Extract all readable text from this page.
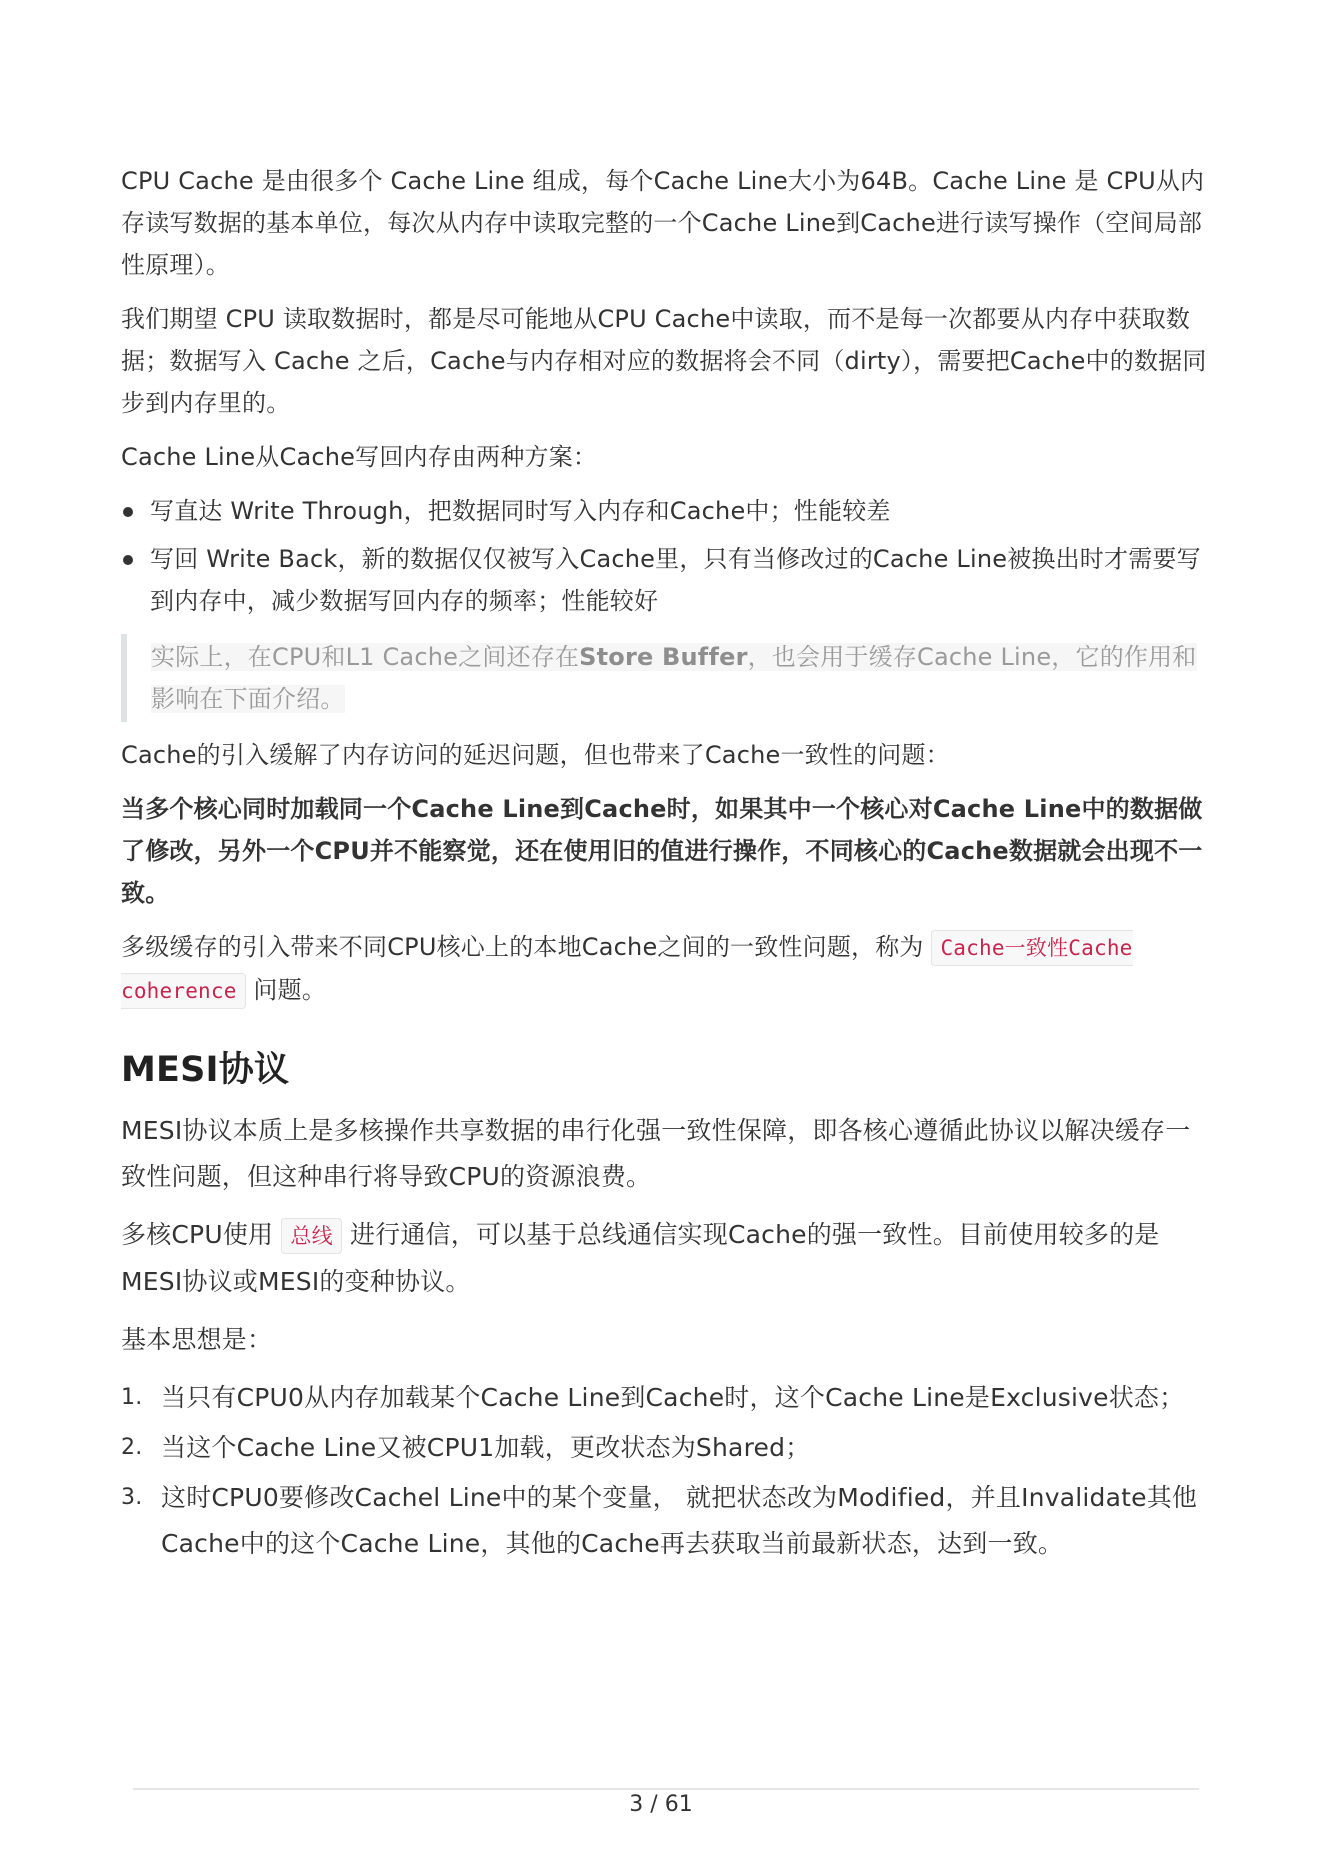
CPU Cache 是由很多个 Cache Line 组成，每个Cache Line大小为64B。Cache Line 是 CPU从内存读写数据的基本单位，每次从内存中读取完整的一个Cache Line到Cache进行读写操作（空间局部性原理）。

我们期望 CPU 读取数据时，都是尽可能地从CPU Cache中读取，而不是每一次都要从内存中获取数据；数据写入 Cache 之后，Cache与内存相对应的数据将会不同（dirty），需要把Cache中的数据同步到内存里的。

Cache Line从Cache写回内存由两种方案：

写直达 Write Through，把数据同时写入内存和Cache中；性能较差
写回 Write Back，新的数据仅仅被写入Cache里，只有当修改过的Cache Line被换出时才需要写到内存中，减少数据写回内存的频率；性能较好
实际上，在CPU和L1 Cache之间还存在Store Buffer，也会用于缓存Cache Line，它的作用和影响在下面介绍。

Cache的引入缓解了内存访问的延迟问题，但也带来了Cache一致性的问题：

当多个核心同时加载同一个Cache Line到Cache时，如果其中一个核心对Cache Line中的数据做了修改，另外一个CPU并不能察觉，还在使用旧的值进行操作，不同核心的Cache数据就会出现不一致。

多级缓存的引入带来不同CPU核心上的本地Cache之间的一致性问题，称为 Cache一致性Cache coherence 问题。

MESI协议

MESI协议本质上是多核操作共享数据的串行化强一致性保障，即各核心遵循此协议以解决缓存一致性问题，但这种串行将导致CPU的资源浪费。

多核CPU使用 总线 进行通信，可以基于总线通信实现Cache的强一致性。目前使用较多的是MESI协议或MESI的变种协议。

基本思想是：

1. 当只有CPU0从内存加载某个Cache Line到Cache时，这个Cache Line是Exclusive状态；
2. 当这个Cache Line又被CPU1加载，更改状态为Shared；
3. 这时CPU0要修改Cachel Line中的某个变量， 就把状态改为Modified，并且Invalidate其他Cache中的这个Cache Line，其他的Cache再去获取当前最新状态，达到一致。
3 / 61
